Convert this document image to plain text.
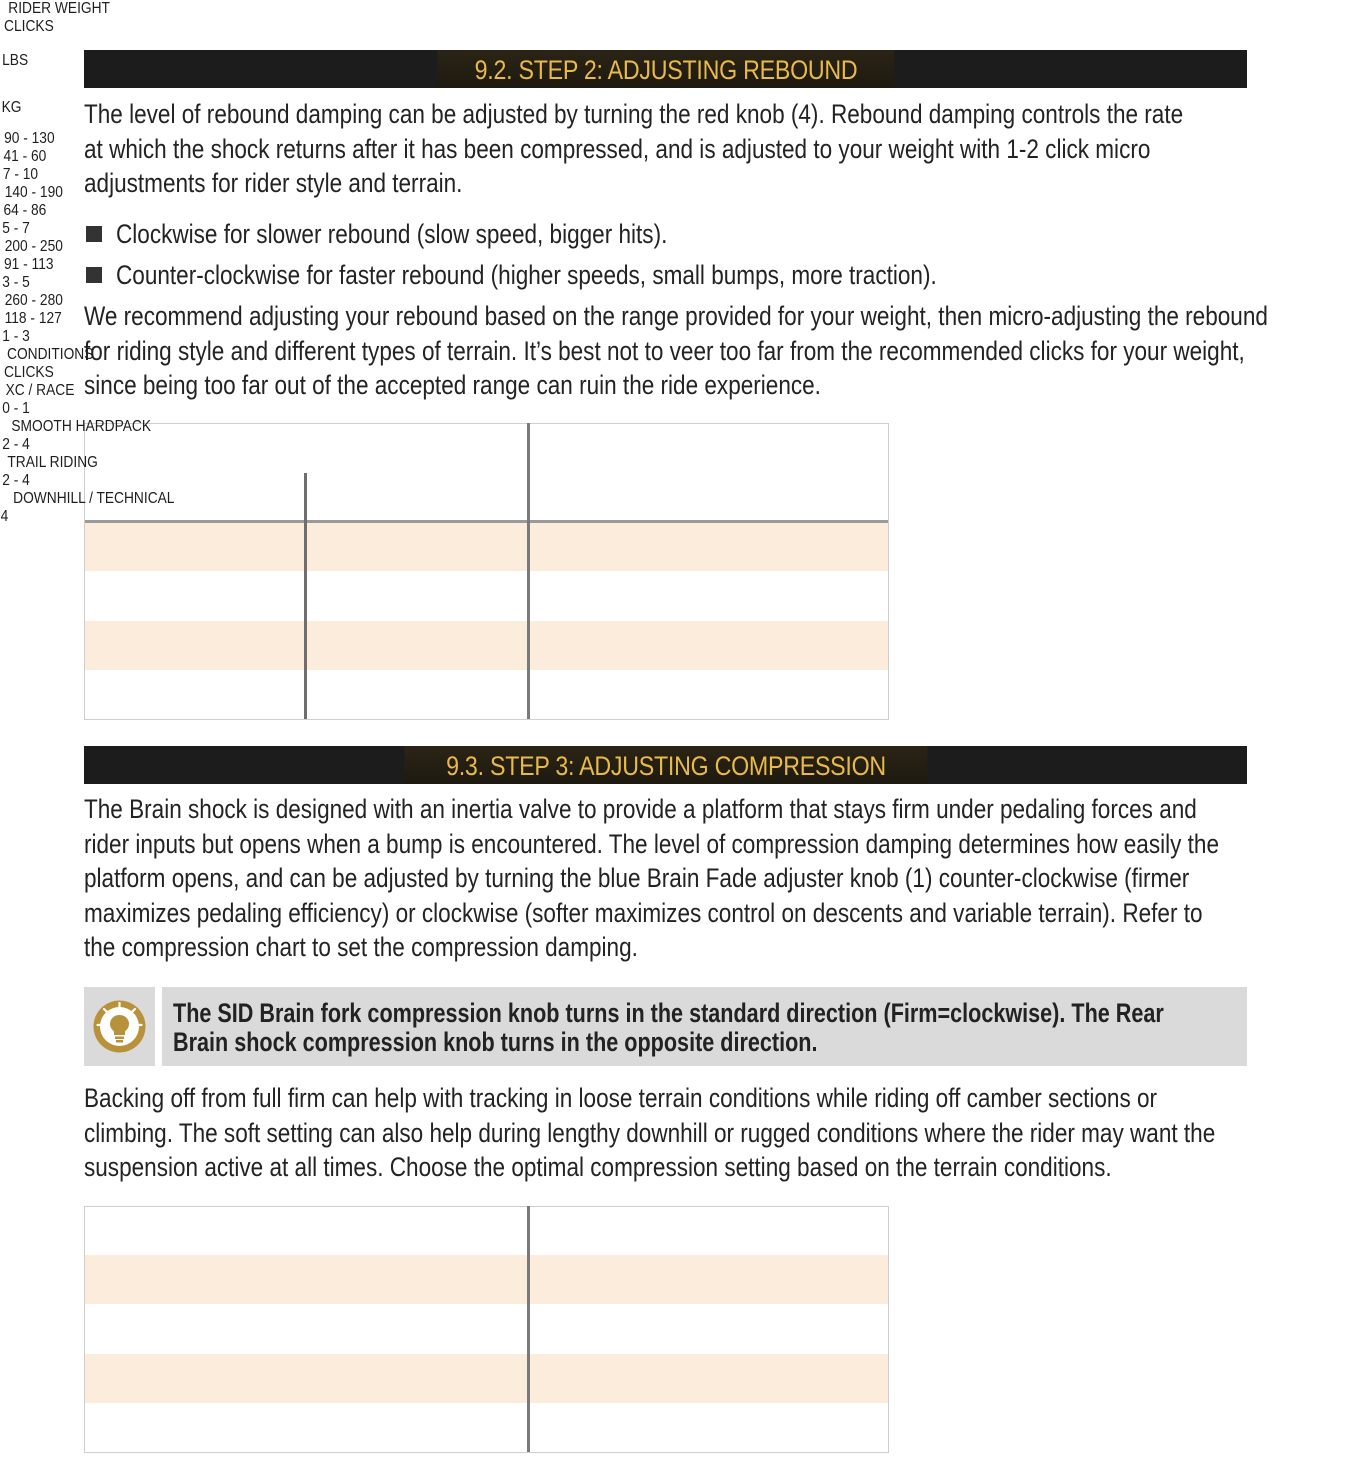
9.2. STEP 2: ADJUSTING REBOUND
The level of rebound damping can be adjusted by turning the red knob (4). Rebound damping controls the rate
at which the shock returns after it has been compressed, and is adjusted to your weight with 1-2 click micro
adjustments for rider style and terrain.
Clockwise for slower rebound (slow speed, bigger hits).
Counter-clockwise for faster rebound (higher speeds, small bumps, more traction).
We recommend adjusting your rebound based on the range provided for your weight, then micro-adjusting the rebound
for riding style and different types of terrain. It’s best not to veer too far from the recommended clicks for your weight,
since being too far out of the accepted range can ruin the ride experience.
RIDER WEIGHT
CLICKS
LBS
KG
90 - 130
41 - 60
7 - 10
140 - 190
64 - 86
5 - 7
200 - 250
91 - 113
3 - 5
260 - 280
118 - 127
1 - 3
9.3. STEP 3: ADJUSTING COMPRESSION
The Brain shock is designed with an inertia valve to provide a platform that stays firm under pedaling forces and
rider inputs but opens when a bump is encountered. The level of compression damping determines how easily the
platform opens, and can be adjusted by turning the blue Brain Fade adjuster knob (1) counter-clockwise (firmer
maximizes pedaling efficiency) or clockwise (softer maximizes control on descents and variable terrain). Refer to
the compression chart to set the compression damping.
The SID Brain fork compression knob turns in the standard direction (Firm=clockwise). The Rear
Brain shock compression knob turns in the opposite direction.
Backing off from full firm can help with tracking in loose terrain conditions while riding off camber sections or
climbing. The soft setting can also help during lengthy downhill or rugged conditions where the rider may want the
suspension active at all times. Choose the optimal compression setting based on the terrain conditions.
CONDITIONS
CLICKS
XC / RACE
0 - 1
SMOOTH HARDPACK
2 - 4
TRAIL RIDING
2 - 4
DOWNHILL / TECHNICAL
4
